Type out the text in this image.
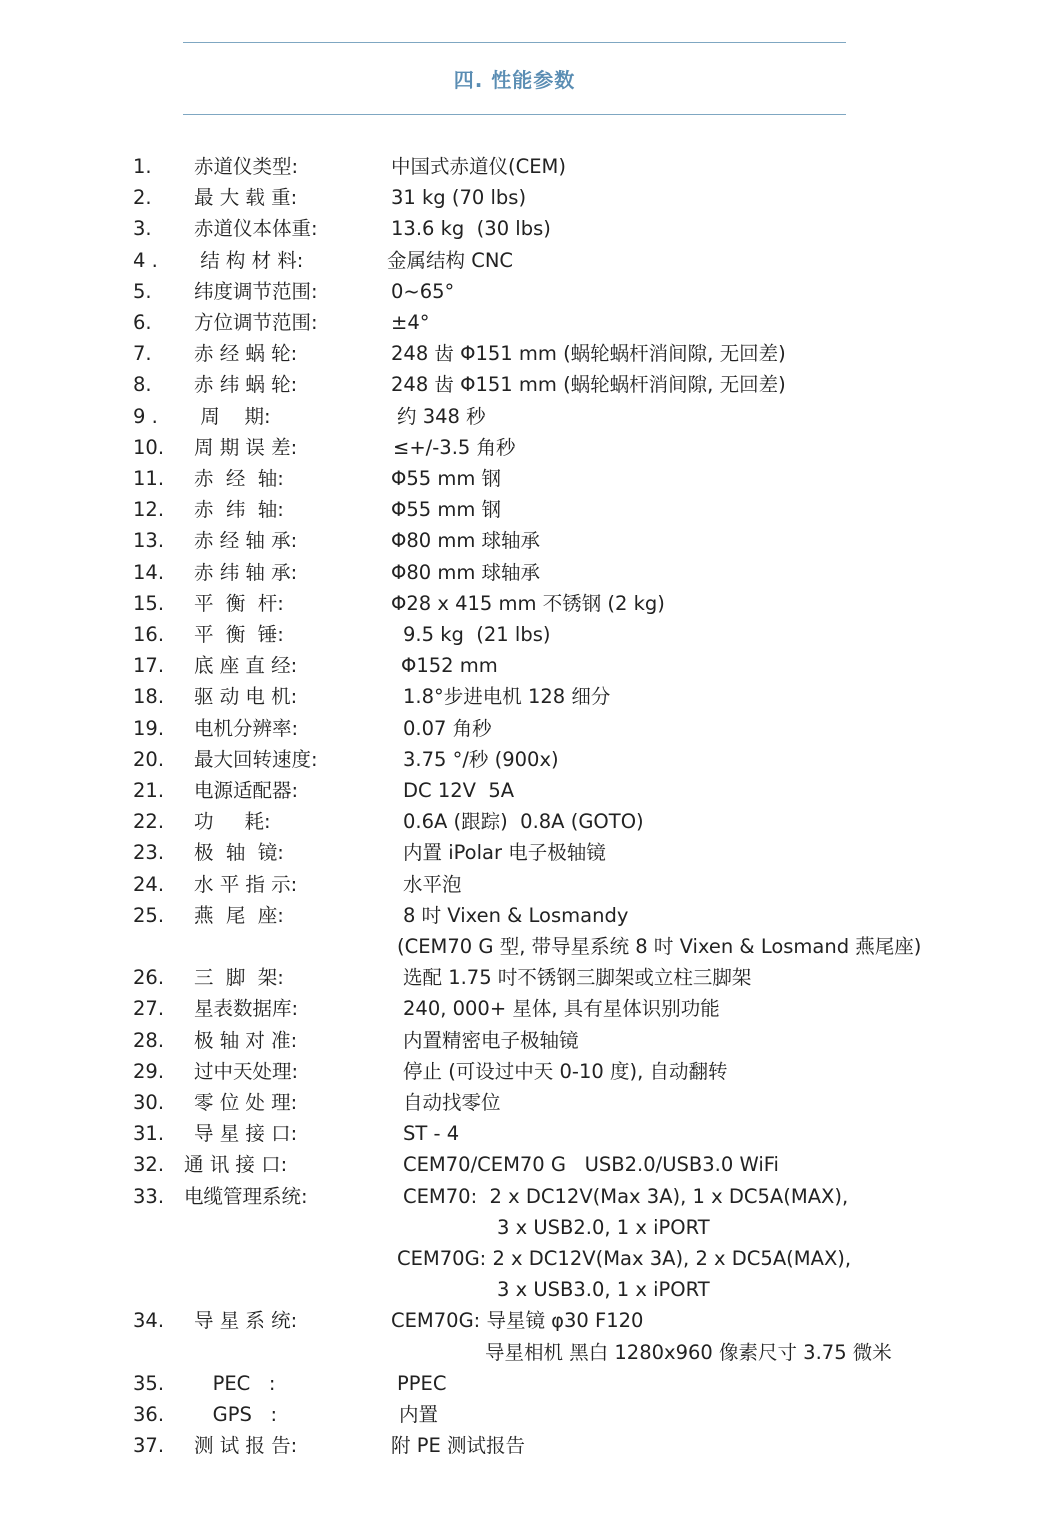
四. 性能参数
1. 赤道仪类型:	中国式赤道仪(CEM)
2. 最 大 载 重:	31 kg (70 lbs)
3. 赤道仪本体重:	13.6 kg  (30 lbs)
4 . 结 构 材 料:	金属结构 CNC
5. 纬度调节范围:	0~65°
6. 方位调节范围:	±4°
7. 赤 经 蜗 轮:	248 齿 Φ151 mm (蜗轮蜗杆消间隙, 无回差)
8. 赤 纬 蜗 轮:	248 齿 Φ151 mm (蜗轮蜗杆消间隙, 无回差)
9 . 周    期:	约 348 秒
10. 周 期 误 差:	≤+/-3.5 角秒
11. 赤  经  轴:	Φ55 mm 钢
12. 赤  纬  轴:	Φ55 mm 钢
13. 赤 经 轴 承:	Φ80 mm 球轴承
14. 赤 纬 轴 承:	Φ80 mm 球轴承
15. 平  衡  杆:	Φ28 x 415 mm 不锈钢 (2 kg)
16. 平  衡  锤:	9.5 kg  (21 lbs)
17. 底 座 直 经:	Φ152 mm
18. 驱 动 电 机:	1.8°步进电机 128 细分
19. 电机分辨率:	0.07 角秒
20. 最大回转速度:	3.75 °/秒 (900x)
21. 电源适配器:	DC 12V  5A
22. 功     耗:	0.6A (跟踪)  0.8A (GOTO)
23. 极  轴  镜:	内置 iPolar 电子极轴镜
24. 水 平 指 示:	水平泡
25. 燕  尾  座:	8 吋 Vixen & Losmandy
(CEM70 G 型, 带导星系统 8 吋 Vixen & Losmand 燕尾座)
26. 三  脚  架:	选配 1.75 吋不锈钢三脚架或立柱三脚架
27. 星表数据库:	240, 000+ 星体, 具有星体识别功能
28. 极 轴 对 准:	内置精密电子极轴镜
29. 过中天处理:	停止 (可设过中天 0-10 度), 自动翻转
30. 零 位 处 理:	自动找零位
31. 导 星 接 口:	ST - 4
32. 通 讯 接 口:	CEM70/CEM70 G   USB2.0/USB3.0 WiFi
33. 电缆管理系统:	CEM70:  2 x DC12V(Max 3A), 1 x DC5A(MAX),
3 x USB2.0, 1 x iPORT
CEM70G: 2 x DC12V(Max 3A), 2 x DC5A(MAX),
3 x USB3.0, 1 x iPORT
34. 导 星 系 统:	CEM70G: 导星镜 φ30 F120
导星相机 黑白 1280x960 像素尺寸 3.75 微米
35. PEC   :	PPEC
36. GPS   :	内置
37. 测 试 报 告:	附 PE 测试报告
